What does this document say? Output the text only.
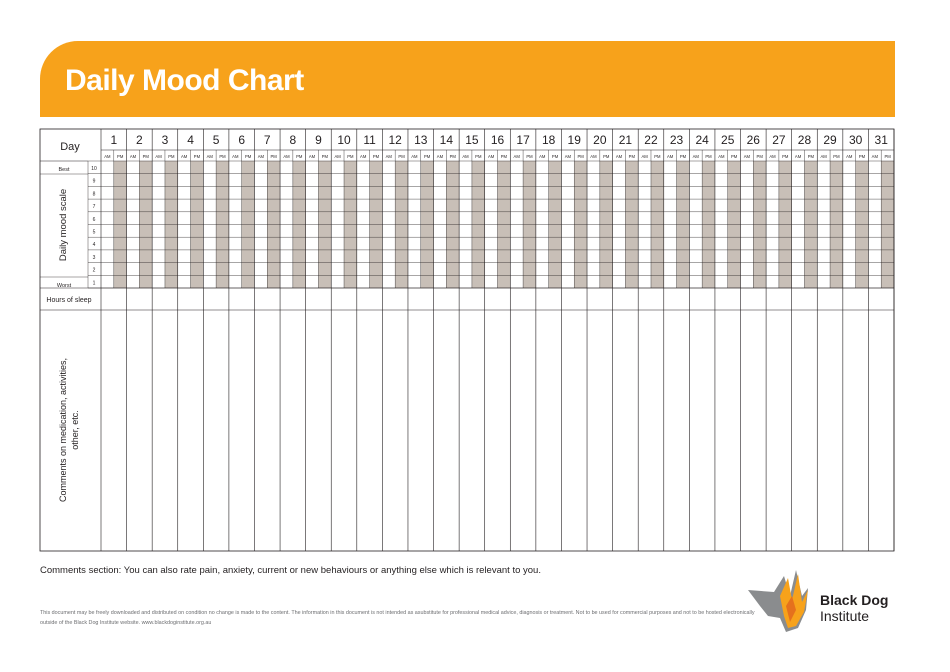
Daily Mood Chart
Day	1
AM PM
2
AM PM
3
AM PM
4
AM PM
5
AM PM
6
AM PM
7
AM PM
8
AM PM
9
AM PM
10
AM PM
11
AM PM
12
AM PM
13
AM PM
14
AM PM
15
AM PM
16
AM PM
17
AM PM
18
AM PM
19
AM PM
20
AM PM
21
AM PM
22
AM PM
23
AM PM
24
AM PM
25
AM PM
26
AM PM
27
AM PM
28
AM PM
29
AM PM
30
AM PM
31
AM PM
10
9
8
7
6
5
4
3
2
1
Best
Worst
Daily mood scale
Hours of sleep
Comments on medication, activities, other, etc.
Comments section: You can also rate pain, anxiety, current or new behaviours or anything else which is relevant to you.
This document may be freely downloaded and distributed on condition no change is made to the content. The information in this document is not intended as asubstitute for professional medical advice, diagnosis or treatment. Not to be used for commercial purposes and not to be hosted electronically outside of the Black Dog Institute website. www.blackdoginstitute.org.au
Black Dog
Institute
